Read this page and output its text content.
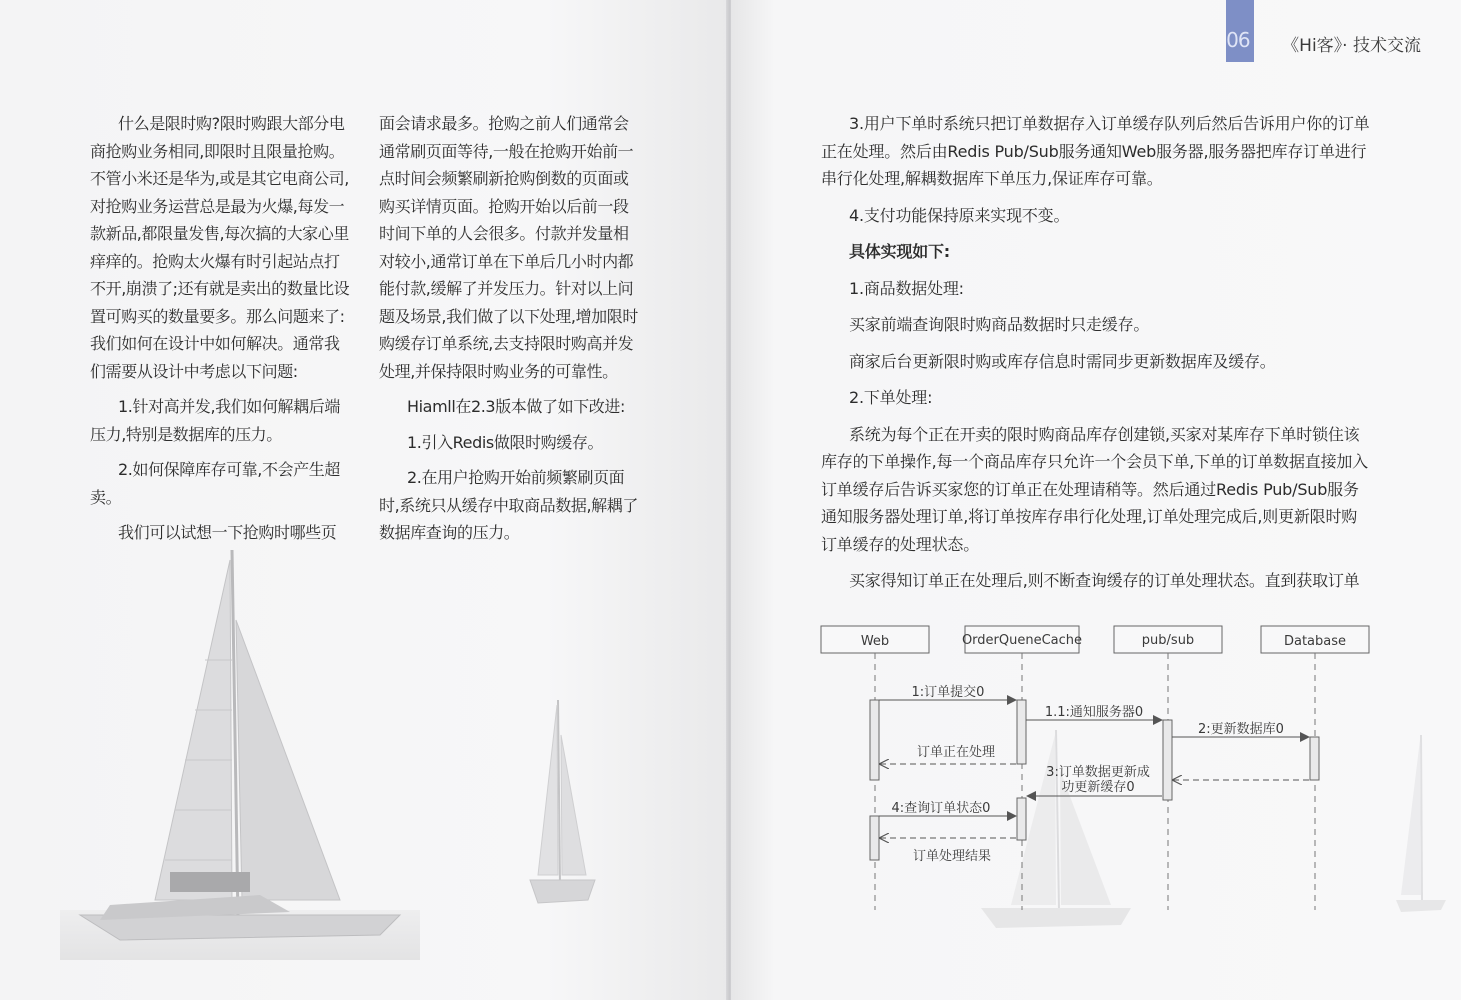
什么是限时购?限时购跟大部分电商抢购业务相同,即限时且限量抢购。不管小米还是华为,或是其它电商公司,对抢购业务运营总是最为火爆,每发一款新品,都限量发售,每次搞的大家心里痒痒的。抢购太火爆有时引起站点打不开,崩溃了;还有就是卖出的数量比设置可购买的数量要多。那么问题来了:我们如何在设计中如何解决。通常我们需要从设计中考虑以下问题:

1.针对高并发,我们如何解耦后端压力,特别是数据库的压力。

2.如何保障库存可靠,不会产生超卖。

我们可以试想一下抢购时哪些页

面会请求最多。抢购之前人们通常会通常刷页面等待,一般在抢购开始前一点时间会频繁刷新抢购倒数的页面或购买详情页面。抢购开始以后前一段时间下单的人会很多。付款并发量相对较小,通常订单在下单后几小时内都能付款,缓解了并发压力。针对以上问题及场景,我们做了以下处理,增加限时购缓存订单系统,去支持限时购高并发处理,并保持限时购业务的可靠性。

Hiamll在2.3版本做了如下改进:

1.引入Redis做限时购缓存。

2.在用户抢购开始前频繁刷页面时,系统只从缓存中取商品数据,解耦了数据库查询的压力。

06 《Hi客》· 技术交流

3.用户下单时系统只把订单数据存入订单缓存队列后然后告诉用户你的订单正在处理。然后由Redis Pub/Sub服务通知Web服务器,服务器把库存订单进行串行化处理,解耦数据库下单压力,保证库存可靠。

4.支付功能保持原来实现不变。

具体实现如下:

1.商品数据处理:

买家前端查询限时购商品数据时只走缓存。

商家后台更新限时购或库存信息时需同步更新数据库及缓存。

2.下单处理:

系统为每个正在开卖的限时购商品库存创建锁,买家对某库存下单时锁住该库存的下单操作,每一个商品库存只允许一个会员下单,下单的订单数据直接加入订单缓存后告诉买家您的订单正在处理请稍等。然后通过Redis Pub/Sub服务通知服务器处理订单,将订单按库存串行化处理,订单处理完成后,则更新限时购订单缓存的处理状态。

买家得知订单正在处理后,则不断查询缓存的订单处理状态。直到获取订单

Web	OrderQueneCache	pub/sub	Database
1:订单提交0
1.1:通知服务器0
2:更新数据库0
订单正在处理
3:订单数据更新成
功更新缓存0
4:查询订单状态0
订单处理结果
